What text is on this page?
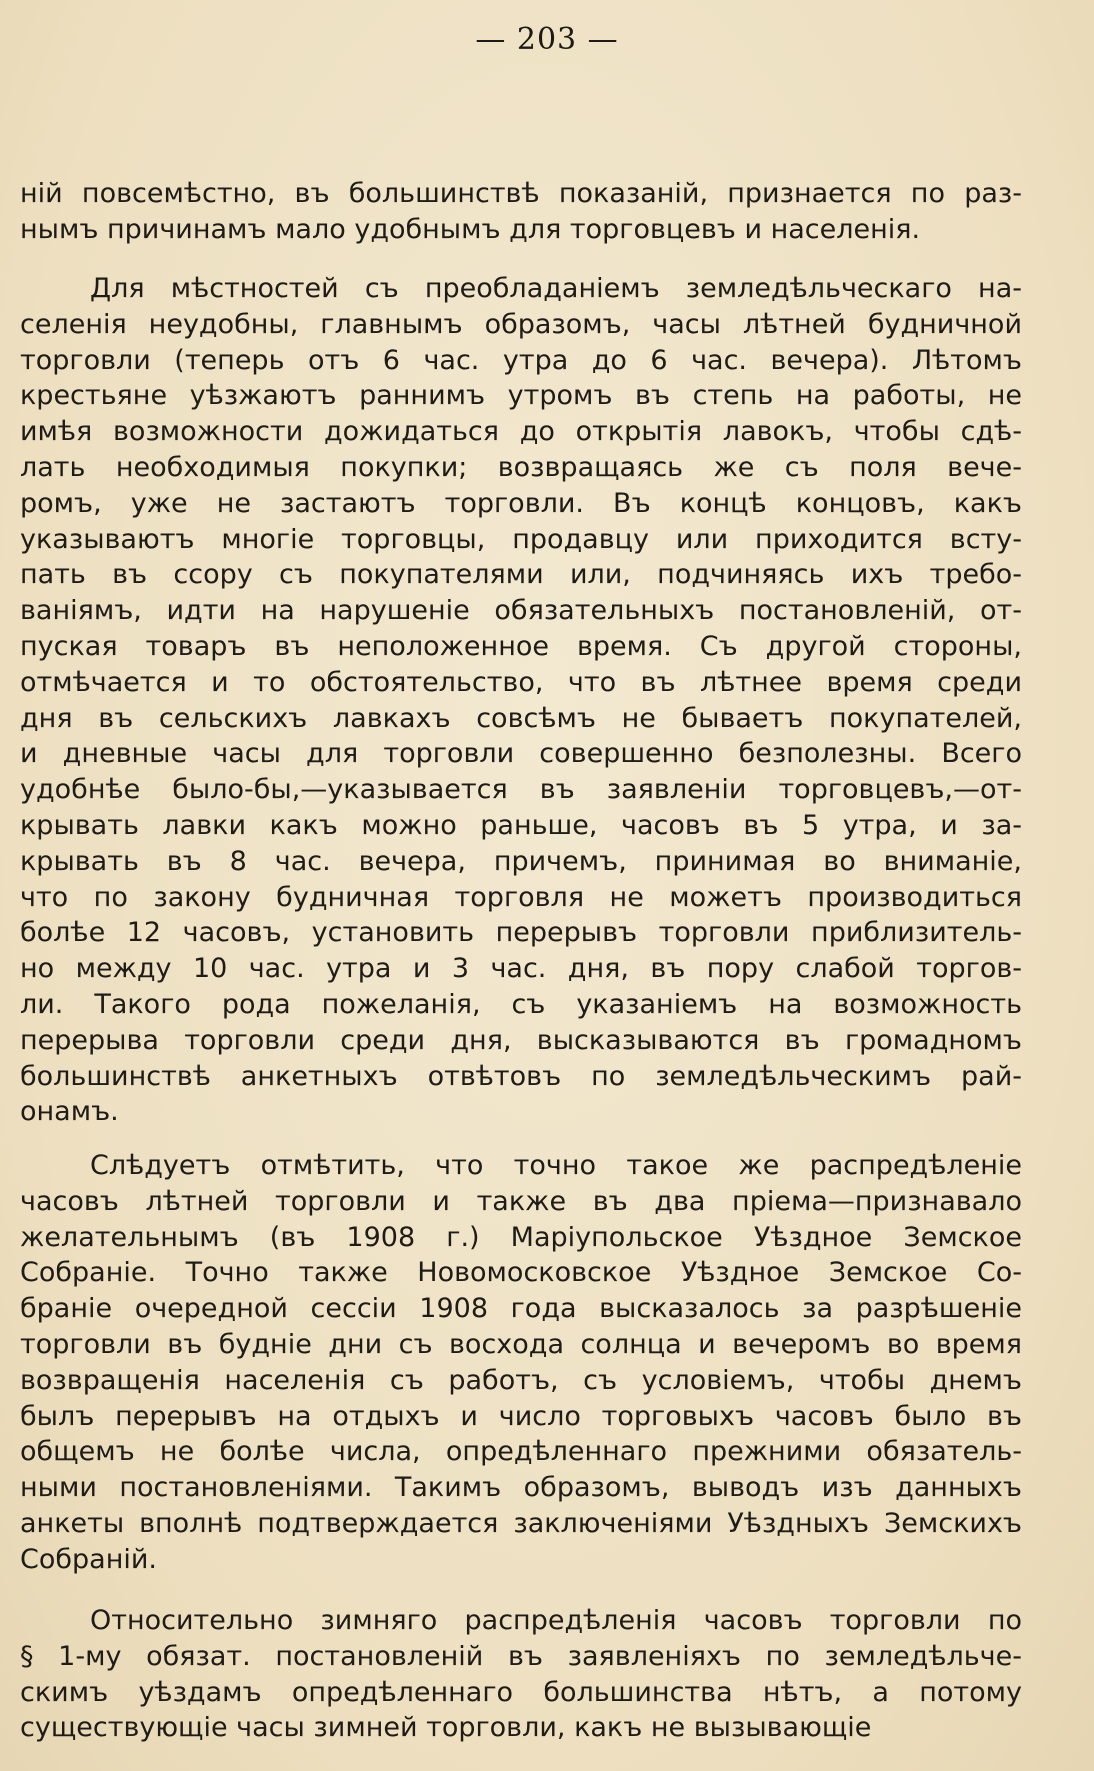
— 203 —
ній повсемѣстно, въ большинствѣ показаній, признается по раз-
нымъ причинамъ мало удобнымъ для торговцевъ и населенія.
Для мѣстностей съ преобладаніемъ земледѣльческаго на-
селенія неудобны, главнымъ образомъ, часы лѣтней будничной
торговли (теперь отъ 6 час. утра до 6 час. вечера). Лѣтомъ
крестьяне уѣзжаютъ раннимъ утромъ въ степь на работы, не
имѣя возможности дожидаться до открытія лавокъ, чтобы сдѣ-
лать необходимыя покупки; возвращаясь же съ поля вече-
ромъ, уже не застаютъ торговли. Въ концѣ концовъ, какъ
указываютъ многіе торговцы, продавцу или приходится всту-
пать въ ссору съ покупателями или, подчиняясь ихъ требо-
ваніямъ, идти на нарушеніе обязательныхъ постановленій, от-
пуская товаръ въ неположенное время. Съ другой стороны,
отмѣчается и то обстоятельство, что въ лѣтнее время среди
дня въ сельскихъ лавкахъ совсѣмъ не бываетъ покупателей,
и дневные часы для торговли совершенно безполезны. Всего
удобнѣе было-бы,—указывается въ заявленіи торговцевъ,—от-
крывать лавки какъ можно раньше, часовъ въ 5 утра, и за-
крывать въ 8 час. вечера, причемъ, принимая во вниманіе,
что по закону будничная торговля не можетъ производиться
болѣе 12 часовъ, установить перерывъ торговли приблизитель-
но между 10 час. утра и 3 час. дня, въ пору слабой торгов-
ли. Такого рода пожеланія, съ указаніемъ на возможность
перерыва торговли среди дня, высказываются въ громадномъ
большинствѣ анкетныхъ отвѣтовъ по земледѣльческимъ рай-
онамъ.
Слѣдуетъ отмѣтить, что точно такое же распредѣленіе
часовъ лѣтней торговли и также въ два пріема—признавало
желательнымъ (въ 1908 г.) Маріупольское Уѣздное Земское
Собраніе. Точно также Новомосковское Уѣздное Земское Со-
браніе очередной сессіи 1908 года высказалось за разрѣшеніе
торговли въ будніе дни съ восхода солнца и вечеромъ во время
возвращенія населенія съ работъ, съ условіемъ, чтобы днемъ
былъ перерывъ на отдыхъ и число торговыхъ часовъ было въ
общемъ не болѣе числа, опредѣленнаго прежними обязатель-
ными постановленіями. Такимъ образомъ, выводъ изъ данныхъ
анкеты вполнѣ подтверждается заключеніями Уѣздныхъ Земскихъ
Собраній.
Относительно зимняго распредѣленія часовъ торговли по
§ 1-му обязат. постановленій въ заявленіяхъ по земледѣльче-
скимъ уѣздамъ опредѣленнаго большинства нѣтъ, а потому
существующіе часы зимней торговли, какъ не вызывающіе
